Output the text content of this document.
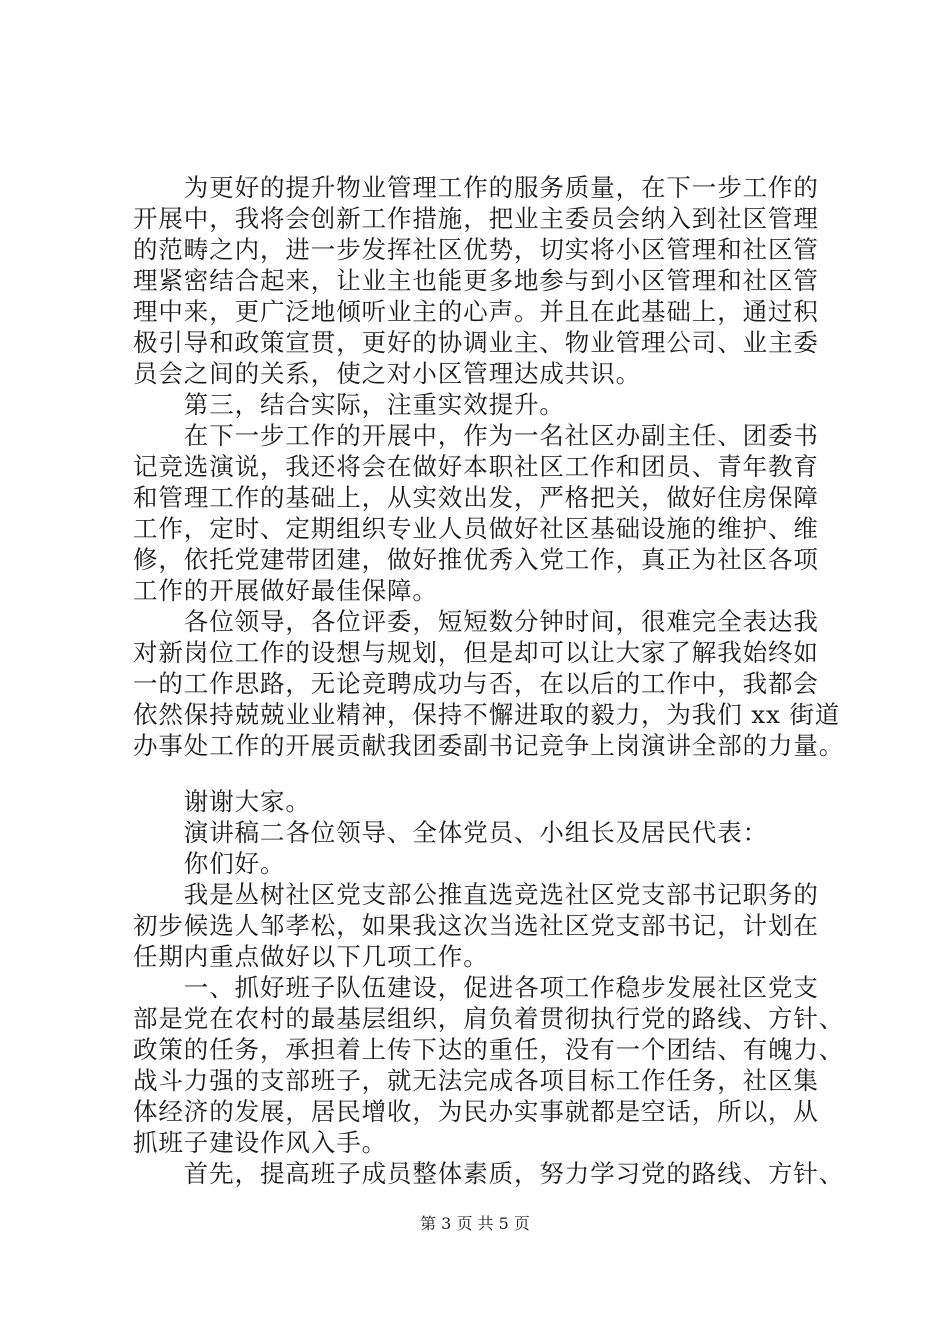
　　为更好的提升物业管理工作的服务质量，在下一步工作的
开展中，我将会创新工作措施，把业主委员会纳入到社区管理
的范畴之内，进一步发挥社区优势，切实将小区管理和社区管
理紧密结合起来，让业主也能更多地参与到小区管理和社区管
理中来，更广泛地倾听业主的心声。并且在此基础上，通过积
极引导和政策宣贯，更好的协调业主、物业管理公司、业主委
员会之间的关系，使之对小区管理达成共识。
　　第三，结合实际，注重实效提升。
　　在下一步工作的开展中，作为一名社区办副主任、团委书
记竞选演说，我还将会在做好本职社区工作和团员、青年教育
和管理工作的基础上，从实效出发，严格把关，做好住房保障
工作，定时、定期组织专业人员做好社区基础设施的维护、维
修，依托党建带团建，做好推优秀入党工作，真正为社区各项
工作的开展做好最佳保障。
　　各位领导，各位评委，短短数分钟时间，很难完全表达我
对新岗位工作的设想与规划，但是却可以让大家了解我始终如
一的工作思路，无论竞聘成功与否，在以后的工作中，我都会
依然保持兢兢业业精神，保持不懈进取的毅力，为我们 xx 街道
办事处工作的开展贡献我团委副书记竞争上岗演讲全部的力量。
　　谢谢大家。
　　演讲稿二各位领导、全体党员、小组长及居民代表：
　　你们好。
　　我是丛树社区党支部公推直选竞选社区党支部书记职务的
初步候选人邹孝松，如果我这次当选社区党支部书记，计划在
任期内重点做好以下几项工作。
　　一、抓好班子队伍建设，促进各项工作稳步发展社区党支
部是党在农村的最基层组织，肩负着贯彻执行党的路线、方针、
政策的任务，承担着上传下达的重任，没有一个团结、有魄力、
战斗力强的支部班子，就无法完成各项目标工作任务，社区集
体经济的发展，居民增收，为民办实事就都是空话，所以，从
抓班子建设作风入手。
　　首先，提高班子成员整体素质，努力学习党的路线、方针、
第 3 页 共 5 页
